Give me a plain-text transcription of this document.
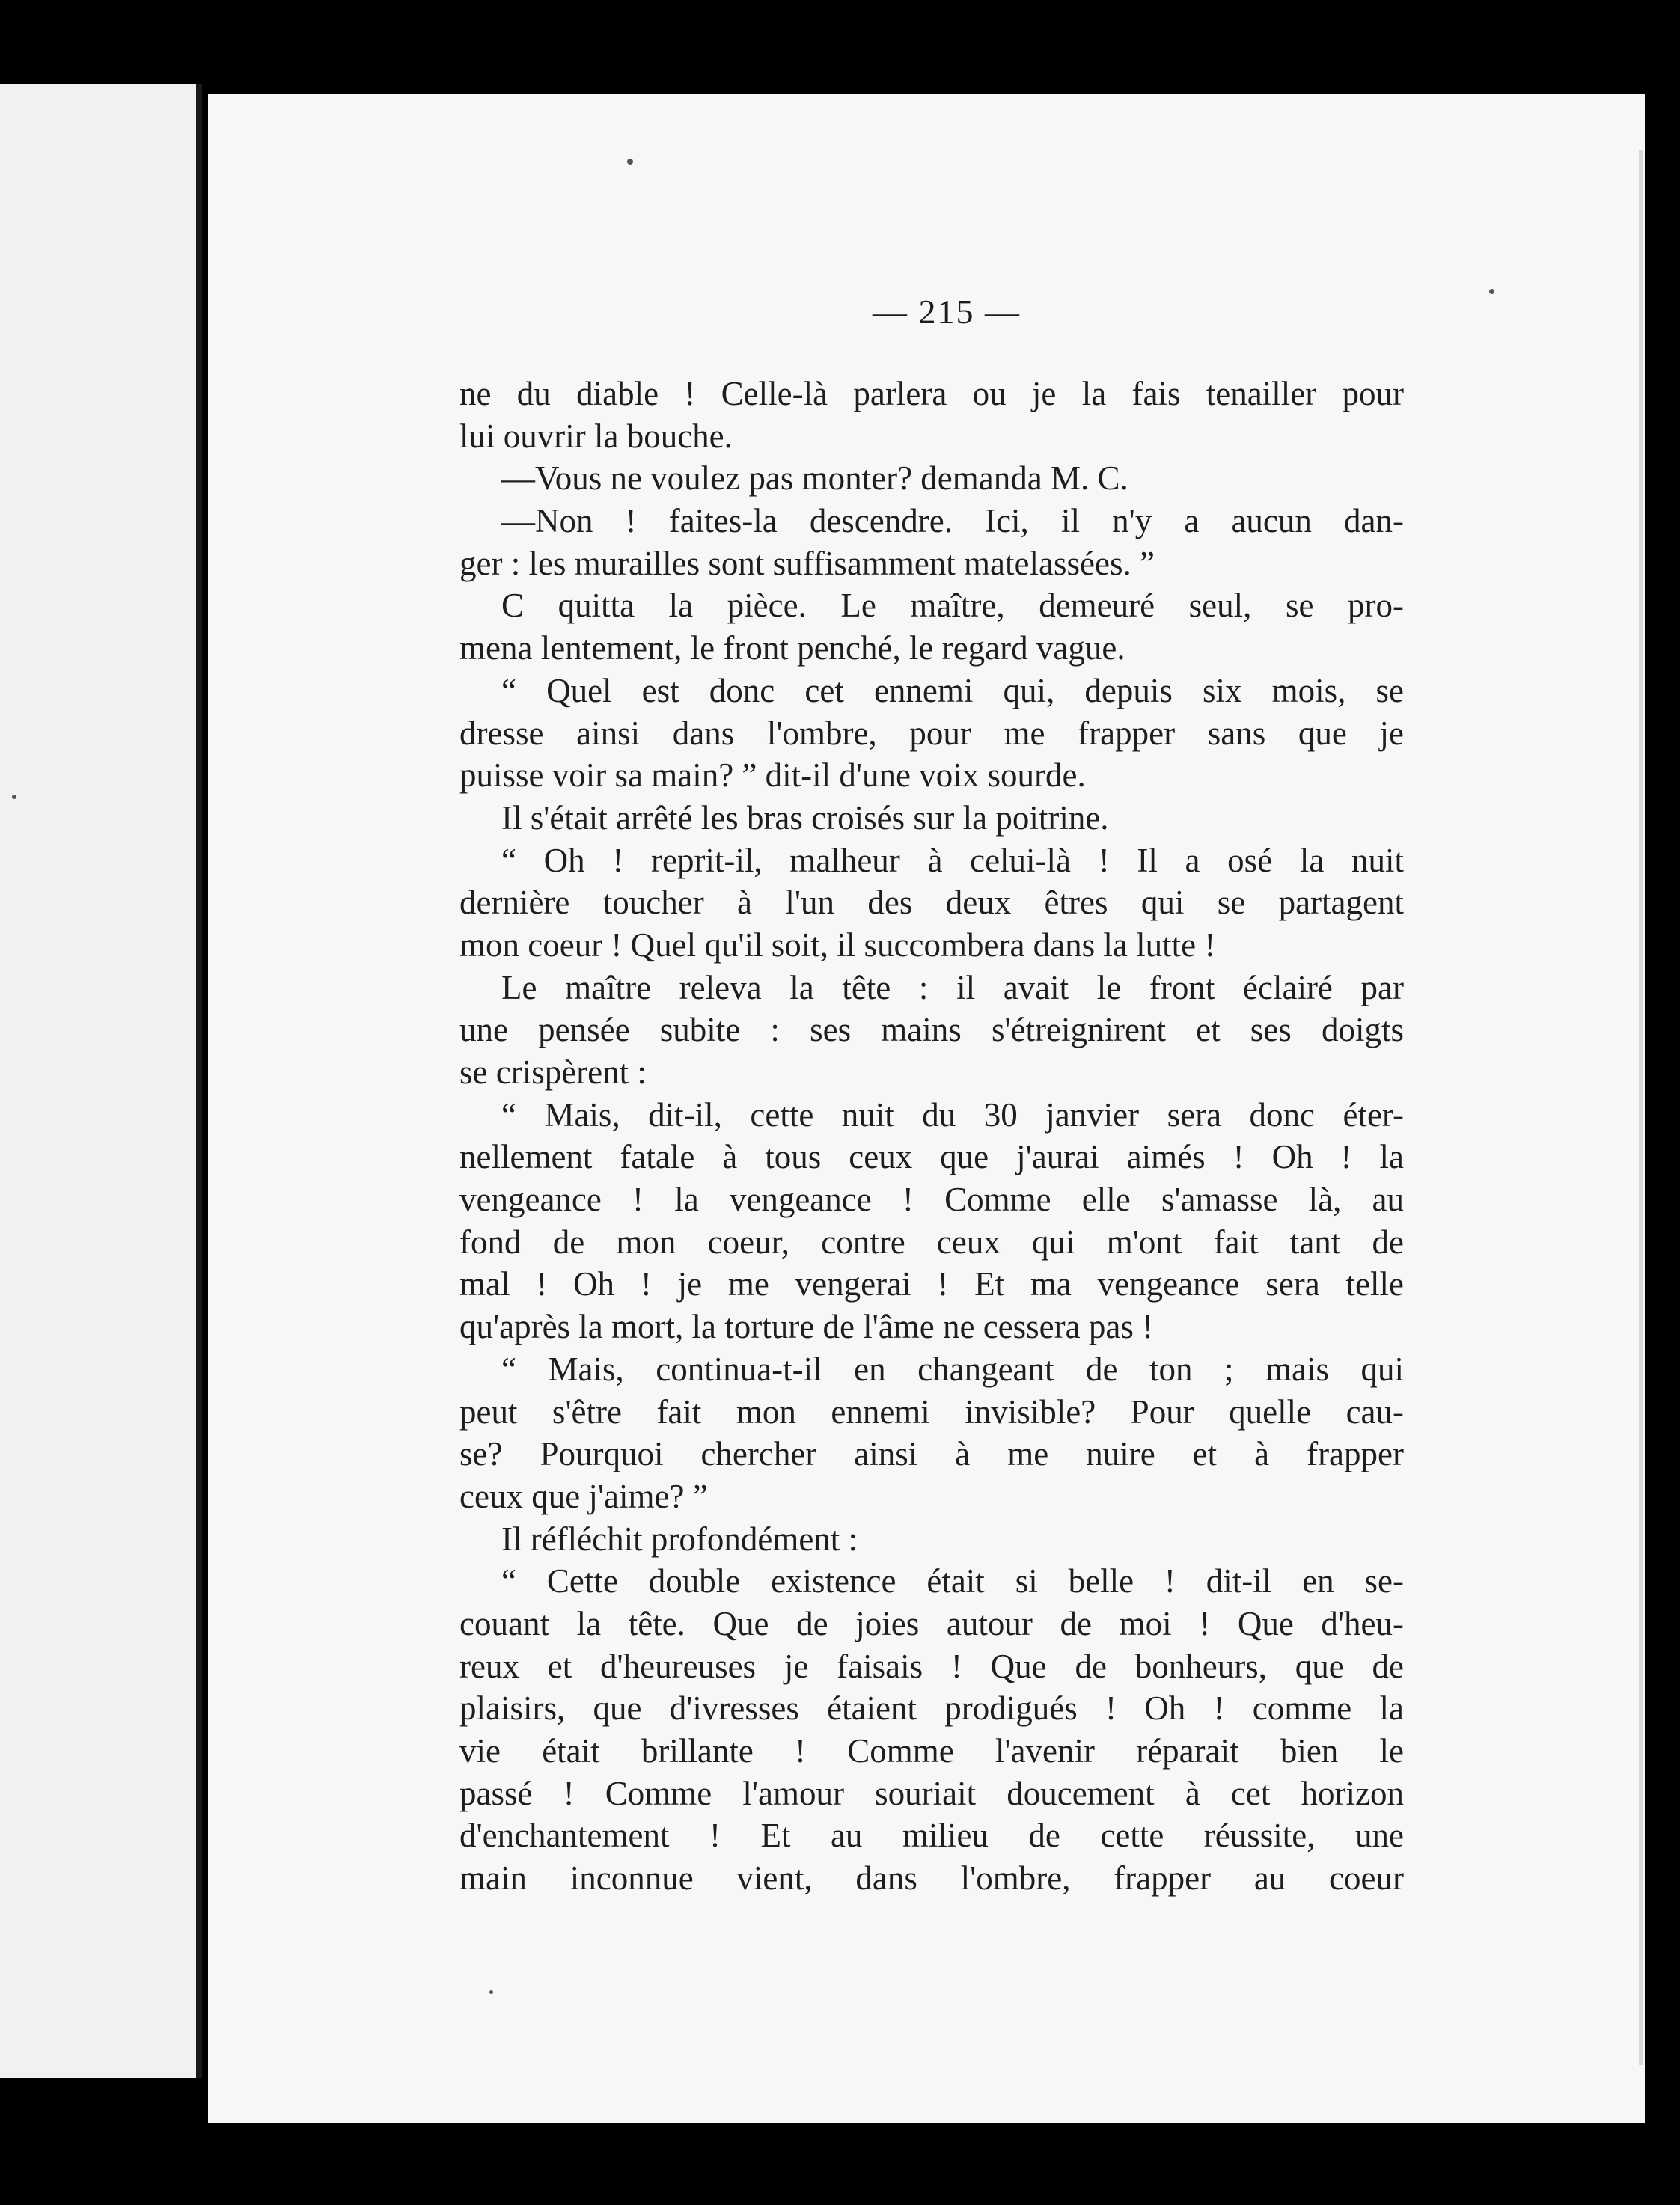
— 215 —
ne du diable ! Celle-là parlera ou je la fais tenailler pour
lui ouvrir la bouche.
—Vous ne voulez pas monter? demanda M. C.
—Non ! faites-la descendre. Ici, il n'y a aucun dan-
ger : les murailles sont suffisamment matelassées. ”
C quitta la pièce. Le maître, demeuré seul, se pro-
mena lentement, le front penché, le regard vague.
“ Quel est donc cet ennemi qui, depuis six mois, se
dresse ainsi dans l'ombre, pour me frapper sans que je
puisse voir sa main? ” dit-il d'une voix sourde.
Il s'était arrêté les bras croisés sur la poitrine.
“ Oh ! reprit-il, malheur à celui-là ! Il a osé la nuit
dernière toucher à l'un des deux êtres qui se partagent
mon coeur ! Quel qu'il soit, il succombera dans la lutte !
Le maître releva la tête : il avait le front éclairé par
une pensée subite : ses mains s'étreignirent et ses doigts
se crispèrent :
“ Mais, dit-il, cette nuit du 30 janvier sera donc éter-
nellement fatale à tous ceux que j'aurai aimés ! Oh ! la
vengeance ! la vengeance ! Comme elle s'amasse là, au
fond de mon coeur, contre ceux qui m'ont fait tant de
mal ! Oh ! je me vengerai ! Et ma vengeance sera telle
qu'après la mort, la torture de l'âme ne cessera pas !
“ Mais, continua-t-il en changeant de ton ; mais qui
peut s'être fait mon ennemi invisible? Pour quelle cau-
se? Pourquoi chercher ainsi à me nuire et à frapper
ceux que j'aime? ”
Il réfléchit profondément :
“ Cette double existence était si belle ! dit-il en se-
couant la tête. Que de joies autour de moi ! Que d'heu-
reux et d'heureuses je faisais ! Que de bonheurs, que de
plaisirs, que d'ivresses étaient prodigués ! Oh ! comme la
vie était brillante ! Comme l'avenir réparait bien le
passé ! Comme l'amour souriait doucement à cet horizon
d'enchantement ! Et au milieu de cette réussite, une
main inconnue vient, dans l'ombre, frapper au coeur
